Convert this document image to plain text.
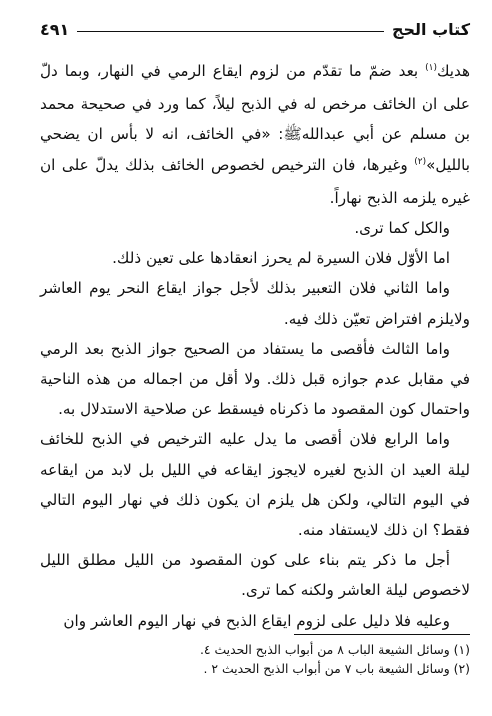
كتاب الحج
٤٩١

هديك$^{(١)}$ بعد ضمّ ما تقدّم من لزوم ايقاع الرمي في النهار، وبما دلّ على ان الخائف مرخص له في الذبح ليلاً، كما ورد في صحيحة محمد بن مسلم عن أبي عبدالله‌ﷺ: «في الخائف، انه لا بأس ان يضحي بالليل»$^{(٢)}$ وغيرها، فان الترخيص لخصوص الخائف بذلك يدلّ على ان غيره يلزمه الذبح نهاراً.

والكل كما ترى.

اما الأوّل فلان السيرة لم يحرز انعقادها على تعين ذلك.

واما الثاني فلان التعبير بذلك لأجل جواز ايقاع النحر يوم العاشر ولايلزم افتراض تعيّن ذلك فيه.

واما الثالث فأقصى ما يستفاد من الصحيح جواز الذبح بعد الرمي في مقابل عدم جوازه قبل ذلك. ولا أقل من اجماله من هذه الناحية واحتمال كون المقصود ما ذكرناه فيسقط عن صلاحية الاستدلال به.

واما الرابع فلان أقصى ما يدل عليه الترخيص في الذبح للخائف ليلة العيد ان الذبح لغيره لايجوز ايقاعه في الليل بل لابد من ايقاعه في اليوم التالي، ولكن هل يلزم ان يكون ذلك في نهار اليوم التالي فقط؟ ان ذلك لايستفاد منه.

أجل ما ذكر يتم بناء على كون المقصود من الليل مطلق الليل لاخصوص ليلة العاشر ولكنه كما ترى.

وعليه فلا دليل على لزوم ايقاع الذبح في نهار اليوم العاشر وان

(١) وسائل الشيعة الباب ٨ من أبواب الذبح الحديث ٤.

(٢) وسائل الشيعة باب ٧ من أبواب الذبح الحديث ٢ .
